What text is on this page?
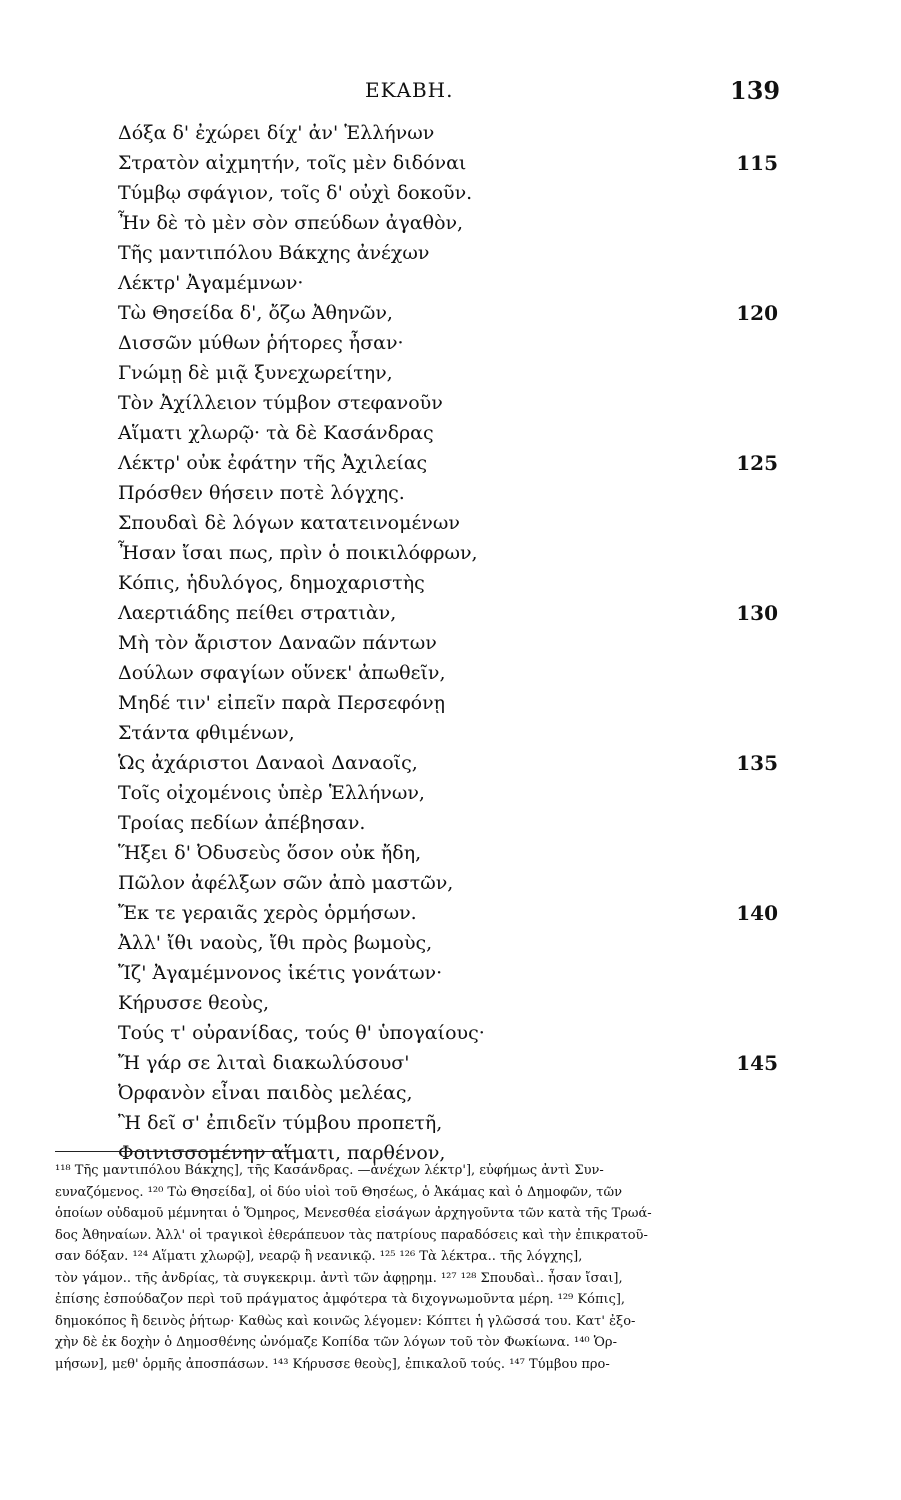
ΕΚΑΒΗ.	139
Δόξα δ' ἐχώρει δίχ' ἀν' Ἑλλήνων
Στρατὸν αἰχμητήν, τοῖς μὲν διδόναι	115
Τύμβῳ σφάγιον, τοῖς δ' οὐχὶ δοκοῦν.
Ἦν δὲ τὸ μὲν σὸν σπεύδων ἀγαθὸν,
Τῆς μαντιπόλου Βάκχης ἀνέχων
Λέκτρ' Ἀγαμέμνων·
Τὼ Θησείδα δ', ὄζω Ἀθηνῶν,	120
Δισσῶν μύθων ῥήτορες ἦσαν·
Γνώμῃ δὲ μιᾷ ξυνεχωρείτην,
Τὸν Ἀχίλλειον τύμβον στεφανοῦν
Αἵματι χλωρῷ· τὰ δὲ Κασάνδρας
Λέκτρ' οὐκ ἐφάτην τῆς Ἀχιλείας	125
Πρόσθεν θήσειν ποτὲ λόγχης.
Σπουδαὶ δὲ λόγων κατατεινομένων
Ἦσαν ἴσαι πως, πρὶν ὁ ποικιλόφρων,
Κόπις, ἡδυλόγος, δημοχαριστὴς
Λαερτιάδης πείθει στρατιὰν,	130
Μὴ τὸν ἄριστον Δαναῶν πάντων
Δούλων σφαγίων οὕνεκ' ἀπωθεῖν,
Μηδέ τιν' εἰπεῖν παρὰ Περσεφόνῃ
Στάντα φθιμένων,
Ὡς ἀχάριστοι Δαναοὶ Δαναοῖς,	135
Τοῖς οἰχομένοις ὑπὲρ Ἑλλήνων,
Τροίας πεδίων ἀπέβησαν.
Ἥξει δ' Ὀδυσεὺς ὅσον οὐκ ἤδη,
Πῶλον ἀφέλξων σῶν ἀπὸ μαστῶν,
Ἔκ τε γεραιᾶς χερὸς ὁρμήσων.	140
Ἀλλ' ἴθι ναοὺς, ἴθι πρὸς βωμοὺς,
Ἴζ' Ἀγαμέμνονος ἱκέτις γονάτων·
Κήρυσσε θεοὺς,
Τούς τ' οὐρανίδας, τούς θ' ὑπογαίους·
Ἤ γάρ σε λιταὶ διακωλύσουσ'	145
Ὀρφανὸν εἶναι παιδὸς μελέας,
Ἢ δεῖ σ' ἐπιδεῖν τύμβου προπετῆ,
Φοινισσομένην αἵματι, παρθένον,
¹¹⁸ Τῆς μαντιπόλου Βάκχης], τῆς Κασάνδρας. —ἀνέχων λέκτρ'], εὐφήμως ἀντὶ Συν-
ευναζόμενος. ¹²⁰ Τὼ Θησείδα], οἱ δύο υἱοὶ τοῦ Θησέως, ὁ Ἀκάμας καὶ ὁ Δημοφῶν, τῶν
ὁποίων οὐδαμοῦ μέμνηται ὁ Ὅμηρος, Μενεσθέα εἰσάγων ἀρχηγοῦντα τῶν κατὰ τῆς Τρωά-
δος Ἀθηναίων. Ἀλλ' οἱ τραγικοὶ ἐθεράπευον τὰς πατρίους παραδόσεις καὶ τὴν ἐπικρατοῦ-
σαν δόξαν. ¹²⁴ Αἵματι χλωρῷ], νεαρῷ ἢ νεανικῷ. ¹²⁵ ¹²⁶ Τὰ λέκτρα.. τῆς λόγχης],
τὸν γάμον.. τῆς ἀνδρίας, τὰ συγκεκριμ. ἀντὶ τῶν ἀφῃρημ. ¹²⁷ ¹²⁸ Σπουδαὶ.. ἦσαν ἴσαι],
ἐπίσης ἐσπούδαζον περὶ τοῦ πράγματος ἀμφότερα τὰ διχογνωμοῦντα μέρη. ¹²⁹ Κόπις],
δημοκόπος ἢ δεινὸς ῥήτωρ· Καθὼς καὶ κοινῶς λέγομεν: Κόπτει ἡ γλῶσσά του. Κατ' ἐξο-
χὴν δὲ ἐκ δοχὴν ὁ Δημοσθένης ὠνόμαζε Κοπίδα τῶν λόγων τοῦ τὸν Φωκίωνα. ¹⁴⁰ Ὁρ-
μήσων], μεθ' ὁρμῆς ἀποσπάσων. ¹⁴³ Κήρυσσε θεοὺς], ἐπικαλοῦ τούς. ¹⁴⁷ Τύμβου προ-
